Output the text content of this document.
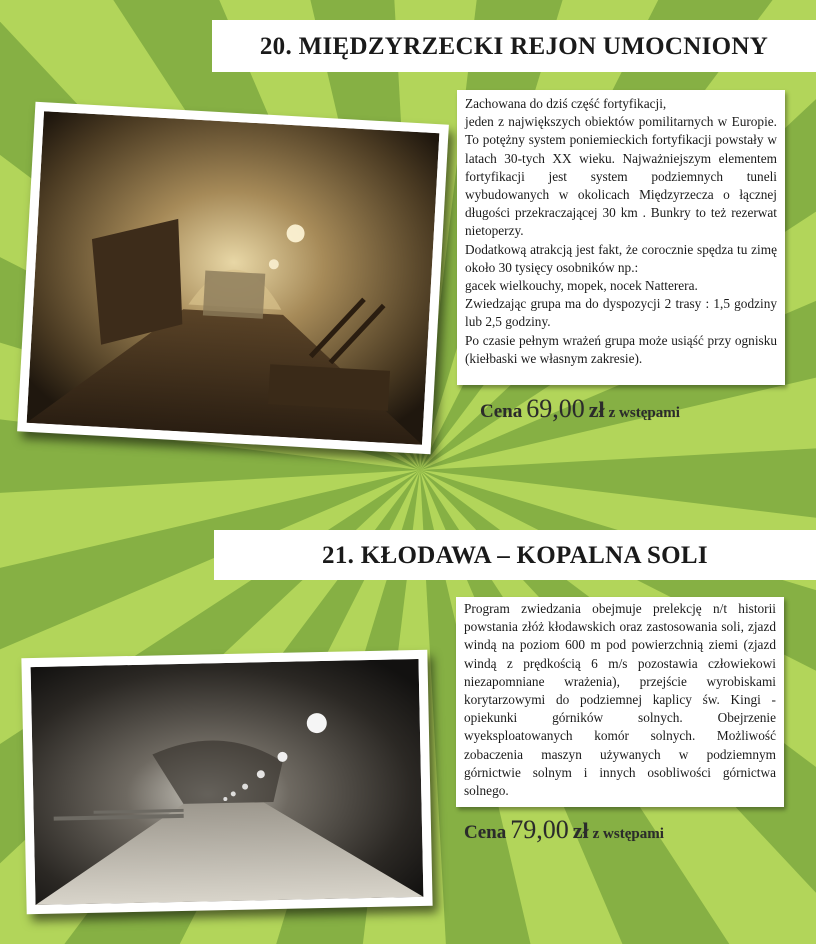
20. MIĘDZYRZECKI REJON UMOCNIONY

Zachowana do dziś część fortyfikacji,

jeden z największych obiektów pomilitarnych w Europie. To potężny system poniemieckich fortyfikacji powstały w latach 30-tych XX wieku. Najważniejszym elementem fortyfikacji jest system podziemnych tuneli wybudowanych w okolicach Międzyrzecza o łącznej długości przekraczającej 30 km . Bunkry to też rezerwat nietoperzy.

Dodatkową atrakcją jest fakt, że corocznie spędza tu zimę około 30 tysięcy osobników np.:

gacek wielkouchy, mopek, nocek Natterera.

Zwiedzając grupa ma do dyspozycji 2 trasy : 1,5 godziny lub 2,5 godziny.

Po czasie pełnym wrażeń grupa może usiąść przy ognisku (kiełbaski we własnym zakresie).

Cena 69,00 zł z wstępami
21. KŁODAWA – KOPALNA SOLI

Program zwiedzania obejmuje prelekcję n/t historii powstania złóż kłodawskich oraz zastosowania soli, zjazd windą na poziom 600 m pod powierzchnią ziemi (zjazd windą z prędkością 6 m/s pozostawia człowiekowi niezapomniane wrażenia), przejście wyrobiskami korytarzowymi do podziemnej kaplicy św. Kingi - opiekunki górników solnych. Obejrzenie wyeksploatowanych komór solnych. Możliwość zobaczenia maszyn używanych w podziemnym górnictwie solnym i innych osobliwości górnictwa solnego.

Cena 79,00 zł z wstępami
